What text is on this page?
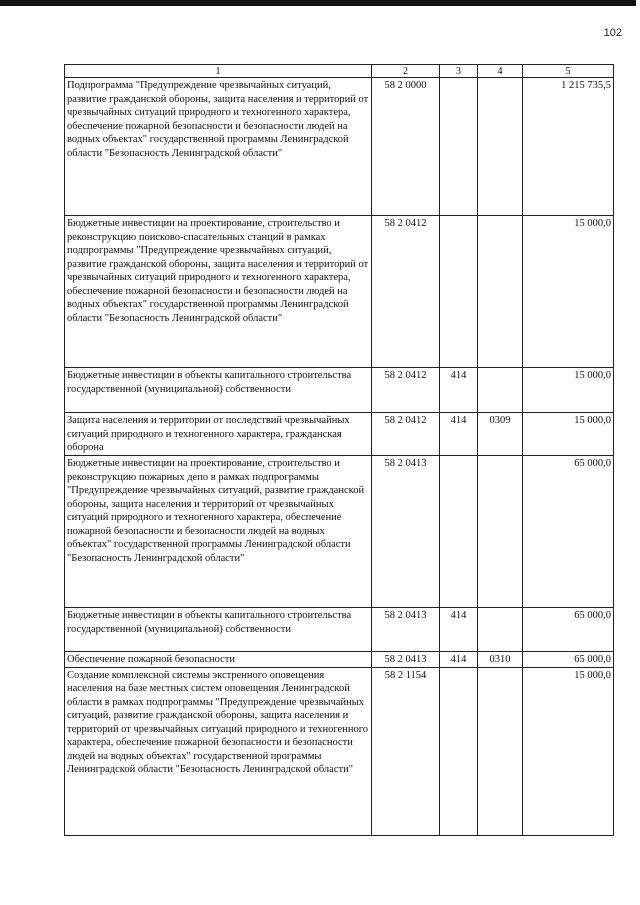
102
1	2	3	4	5
Подпрограмма "Предупреждение чрезвычайных ситуаций, развитие гражданской обороны, защита населения и территорий от чрезвычайных ситуаций природного и техногенного характера, обеспечение пожарной безопасности и безопасности людей на водных объектах" государственной программы Ленинградской области "Безопасность Ленинградской области"	58 2 0000			1 215 735,5
Бюджетные инвестиции на проектирование, строительство и реконструкцию поисково-спасательных станций в рамках подпрограммы "Предупреждение чрезвычайных ситуаций, развитие гражданской обороны, защита населения и территорий от чрезвычайных ситуаций природного и техногенного характера, обеспечение пожарной безопасности и безопасности людей на водных объектах" государственной программы Ленинградской области "Безопасность Ленинградской области"	58 2 0412			15 000,0
Бюджетные инвестиции в объекты капитального строительства государственной (муниципальной) собственности	58 2 0412	414		15 000,0
Защита населения и территории от последствий чрезвычайных ситуаций природного и техногенного характера, гражданская оборона	58 2 0412	414	0309	15 000,0
Бюджетные инвестиции на проектирование, строительство и реконструкцию пожарных депо в рамках подпрограммы "Предупреждение чрезвычайных ситуаций, развитие гражданской обороны, защита населения и территорий от чрезвычайных ситуаций природного и техногенного характера, обеспечение пожарной безопасности и безопасности людей на водных объектах" государственной программы Ленинградской области "Безопасность Ленинградской области"	58 2 0413			65 000,0
Бюджетные инвестиции в объекты капитального строительства государственной (муниципальной) собственности	58 2 0413	414		65 000,0
Обеспечение пожарной безопасности	58 2 0413	414	0310	65 000,0
Создание комплексной системы экстренного оповещения населения на базе местных систем оповещения Ленинградской области в рамках подпрограммы "Предупреждение чрезвычайных ситуаций, развитие гражданской обороны, защита населения и территорий от чрезвычайных ситуаций природного и техногенного характера, обеспечение пожарной безопасности и безопасности людей на водных объектах" государственной программы Ленинградской области "Безопасность Ленинградской области"	58 2 1154			15 000,0
